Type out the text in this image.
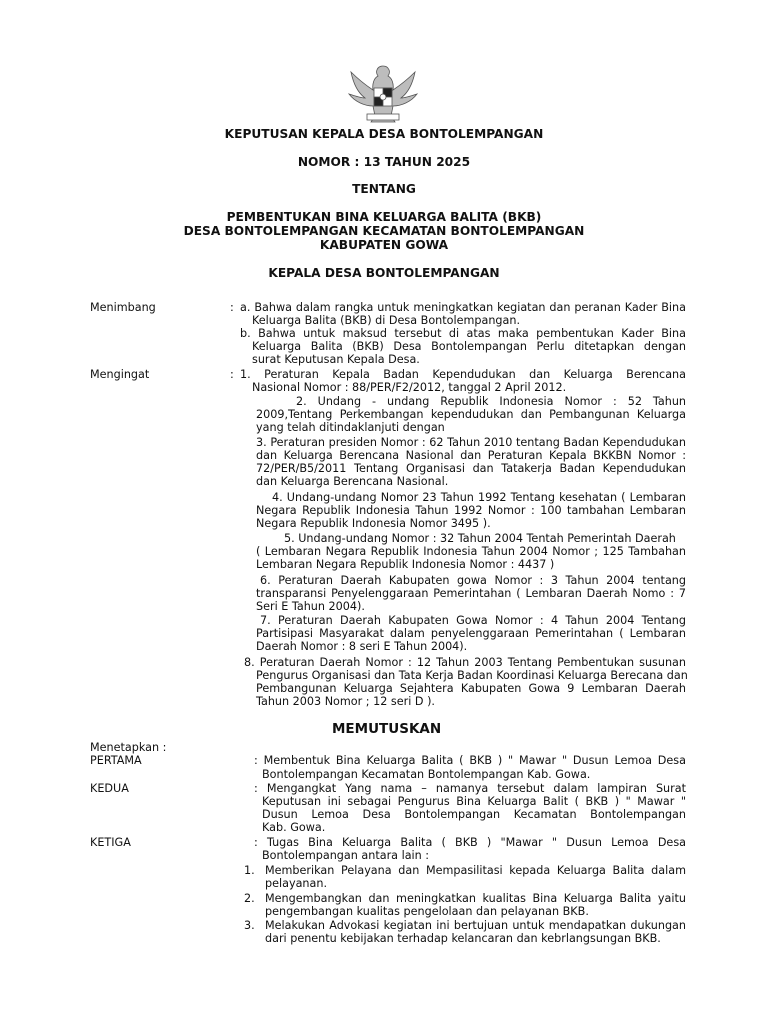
KEPUTUSAN KEPALA DESA BONTOLEMPANGAN
NOMOR : 13 TAHUN 2025
TENTANG
PEMBENTUKAN BINA KELUARGA BALITA (BKB)
DESA BONTOLEMPANGAN KECAMATAN BONTOLEMPANGAN
KABUPATEN GOWA
KEPALA DESA BONTOLEMPANGAN
Menimbang	: a. Bahwa dalam rangka untuk meningkatkan kegiatan dan peranan Kader Bina
Keluarga Balita (BKB) di Desa Bontolempangan.
b. Bahwa untuk maksud tersebut di atas maka pembentukan Kader Bina
Keluarga Balita (BKB) Desa Bontolempangan Perlu ditetapkan dengan
surat Keputusan Kepala Desa.
Mengingat	: 1. Peraturan Kepala Badan Kependudukan dan Keluarga Berencana
Nasional Nomor : 88/PER/F2/2012, tanggal 2 April 2012.
2. Undang - undang Republik Indonesia Nomor : 52 Tahun
2009,Tentang Perkembangan kependudukan dan Pembangunan Keluarga
yang telah ditindaklanjuti dengan
3. Peraturan presiden Nomor : 62 Tahun 2010 tentang Badan Kependudukan
dan Keluarga Berencana Nasional dan Peraturan Kepala BKKBN Nomor :
72/PER/B5/2011 Tentang Organisasi dan Tatakerja Badan Kependudukan
dan Keluarga Berencana Nasional.
4. Undang-undang Nomor 23 Tahun 1992 Tentang kesehatan ( Lembaran
Negara Republik Indonesia Tahun 1992 Nomor : 100 tambahan Lembaran
Negara Republik Indonesia Nomor 3495 ).
5. Undang-undang Nomor : 32 Tahun 2004 Tentah Pemerintah Daerah
( Lembaran Negara Republik Indonesia Tahun 2004 Nomor ; 125 Tambahan
Lembaran Negara Republik Indonesia Nomor : 4437 )
6. Peraturan Daerah Kabupaten gowa Nomor : 3 Tahun 2004 tentang
transparansi Penyelenggaraan Pemerintahan ( Lembaran Daerah Nomo : 7
Seri E Tahun 2004).
7. Peraturan Daerah Kabupaten Gowa Nomor : 4 Tahun 2004 Tentang
Partisipasi Masyarakat dalam penyelenggaraan Pemerintahan ( Lembaran
Daerah Nomor : 8 seri E Tahun 2004).
8. Peraturan Daerah Nomor : 12 Tahun 2003 Tentang Pembentukan susunan
Pengurus Organisasi dan Tata Kerja Badan Koordinasi Keluarga Berecana dan
Pembangunan Keluarga Sejahtera Kabupaten Gowa 9 Lembaran Daerah
Tahun 2003 Nomor ; 12 seri D ).
MEMUTUSKAN
Menetapkan :
PERTAMA	: Membentuk Bina Keluarga Balita ( BKB ) " Mawar " Dusun Lemoa Desa
Bontolempangan Kecamatan Bontolempangan Kab. Gowa.
KEDUA	: Mengangkat Yang nama – namanya tersebut dalam lampiran Surat
Keputusan ini sebagai Pengurus Bina Keluarga Balit ( BKB ) " Mawar "
Dusun Lemoa Desa Bontolempangan Kecamatan Bontolempangan
Kab. Gowa.
KETIGA	: Tugas Bina Keluarga Balita ( BKB ) "Mawar " Dusun Lemoa Desa
Bontolempangan antara lain :
1. Memberikan Pelayana dan Mempasilitasi kepada Keluarga Balita dalam
pelayanan.
2. Mengembangkan dan meningkatkan kualitas Bina Keluarga Balita yaitu
pengembangan kualitas pengelolaan dan pelayanan BKB.
3. Melakukan Advokasi kegiatan ini bertujuan untuk mendapatkan dukungan
dari penentu kebijakan terhadap kelancaran dan kebrlangsungan BKB.
